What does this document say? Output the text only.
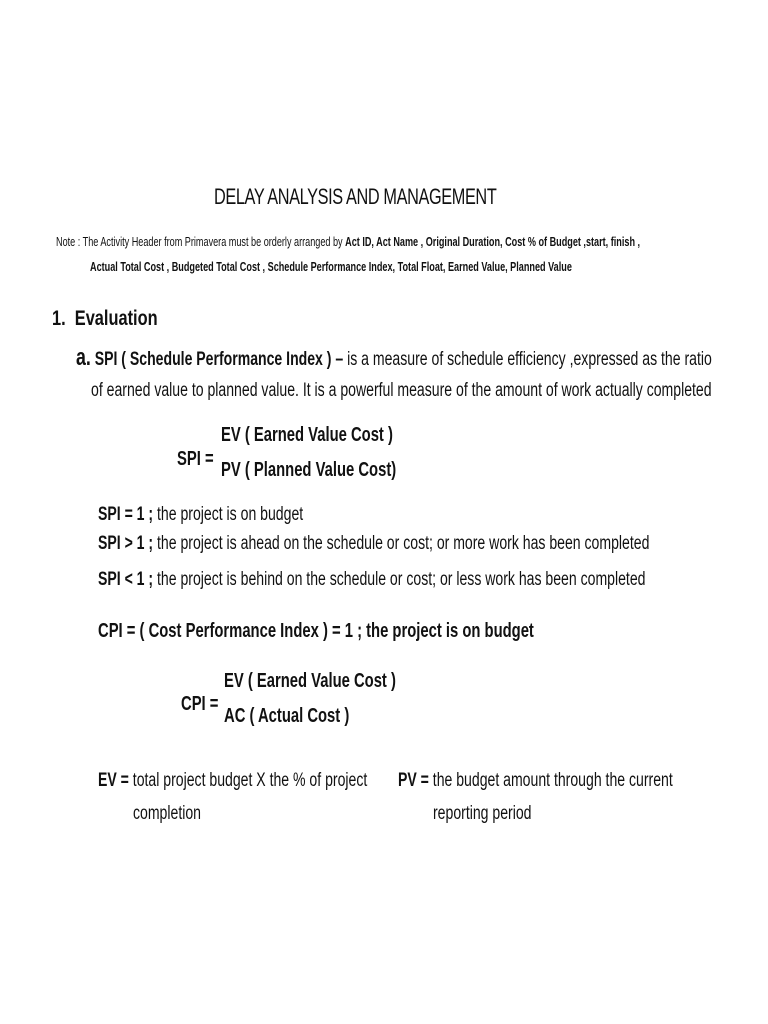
DELAY ANALYSIS AND MANAGEMENT
Note : The Activity Header from Primavera must be orderly arranged by Act ID, Act Name , Original Duration, Cost % of Budget ,start, finish ,
Actual Total Cost , Budgeted Total Cost , Schedule Performance Index, Total Float, Earned Value, Planned Value
1. Evaluation
a. SPI ( Schedule Performance Index ) – is a measure of schedule efficiency ,expressed as the ratio
of earned value to planned value. It is a powerful measure of the amount of work actually completed
SPI =
EV ( Earned Value Cost )
PV ( Planned Value Cost)
SPI = 1 ; the project is on budget
SPI > 1 ; the project is ahead on the schedule or cost; or more work has been completed
SPI < 1 ; the project is behind on the schedule or cost; or less work has been completed
CPI = ( Cost Performance Index ) = 1 ; the project is on budget
CPI =
EV ( Earned Value Cost )
AC ( Actual Cost )
EV = total project budget X the % of project
completion
PV = the budget amount through the current
reporting period
